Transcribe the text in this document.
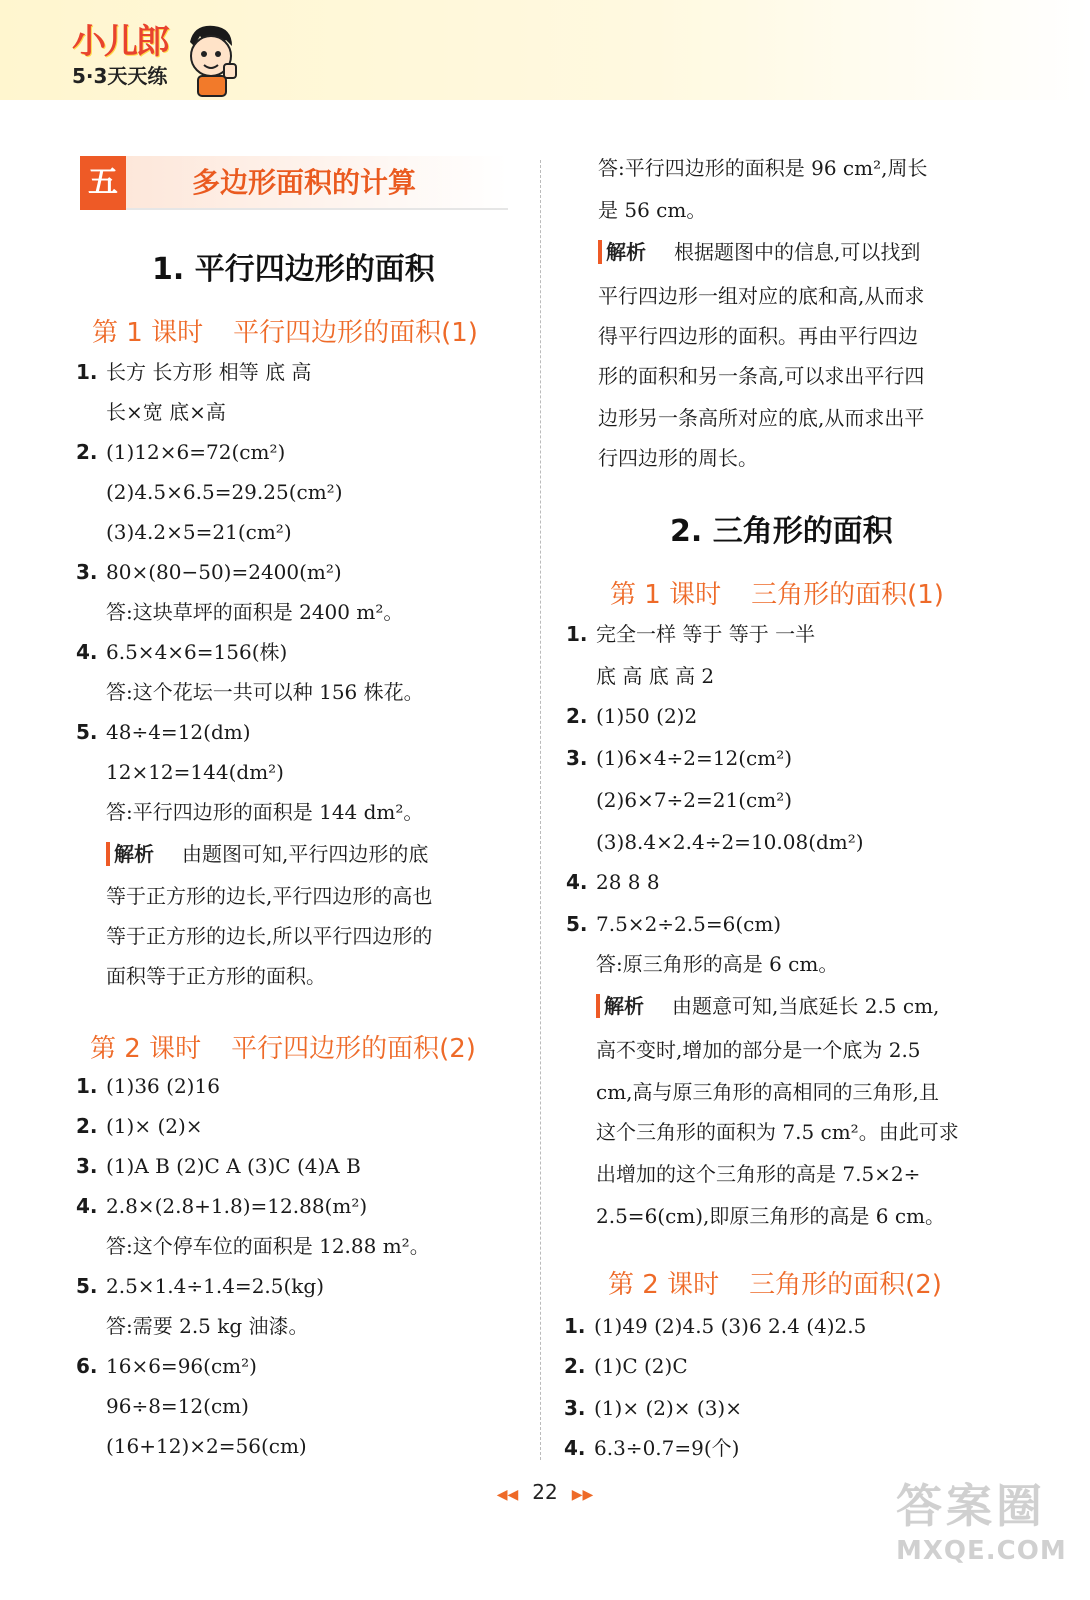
小儿郎
5·3天天练
五	多边形面积的计算
1. 平行四边形的面积
第 1 课时 平行四边形的面积(1)
1. 长方 长方形 相等 底 高
长×宽 底×高
2. (1)12×6=72(cm²)
(2)4.5×6.5=29.25(cm²)
(3)4.2×5=21(cm²)
3. 80×(80−50)=2400(m²)
答:这块草坪的面积是 2400 m²。
4. 6.5×4×6=156(株)
答:这个花坛一共可以种 156 株花。
5. 48÷4=12(dm)
12×12=144(dm²)
答:平行四边形的面积是 144 dm²。
解析 由题图可知,平行四边形的底
等于正方形的边长,平行四边形的高也
等于正方形的边长,所以平行四边形的
面积等于正方形的面积。
第 2 课时 平行四边形的面积(2)
1. (1)36 (2)16
2. (1)× (2)×
3. (1)A B (2)C A (3)C (4)A B
4. 2.8×(2.8+1.8)=12.88(m²)
答:这个停车位的面积是 12.88 m²。
5. 2.5×1.4÷1.4=2.5(kg)
答:需要 2.5 kg 油漆。
6. 16×6=96(cm²)
96÷8=12(cm)
(16+12)×2=56(cm)
答:平行四边形的面积是 96 cm²,周长
是 56 cm。
解析 根据题图中的信息,可以找到
平行四边形一组对应的底和高,从而求
得平行四边形的面积。再由平行四边
形的面积和另一条高,可以求出平行四
边形另一条高所对应的底,从而求出平
行四边形的周长。
2. 三角形的面积
第 1 课时 三角形的面积(1)
1. 完全一样 等于 等于 一半
底 高 底 高 2
2. (1)50 (2)2
3. (1)6×4÷2=12(cm²)
(2)6×7÷2=21(cm²)
(3)8.4×2.4÷2=10.08(dm²)
4. 28 8 8
5. 7.5×2÷2.5=6(cm)
答:原三角形的高是 6 cm。
解析 由题意可知,当底延长 2.5 cm,
高不变时,增加的部分是一个底为 2.5
cm,高与原三角形的高相同的三角形,且
这个三角形的面积为 7.5 cm²。由此可求
出增加的这个三角形的高是 7.5×2÷
2.5=6(cm),即原三角形的高是 6 cm。
第 2 课时 三角形的面积(2)
1. (1)49 (2)4.5 (3)6 2.4 (4)2.5
2. (1)C (2)C
3. (1)× (2)× (3)×
4. 6.3÷0.7=9(个)
◀◀ 22 ▶▶	答案圈
MXQE.COM
